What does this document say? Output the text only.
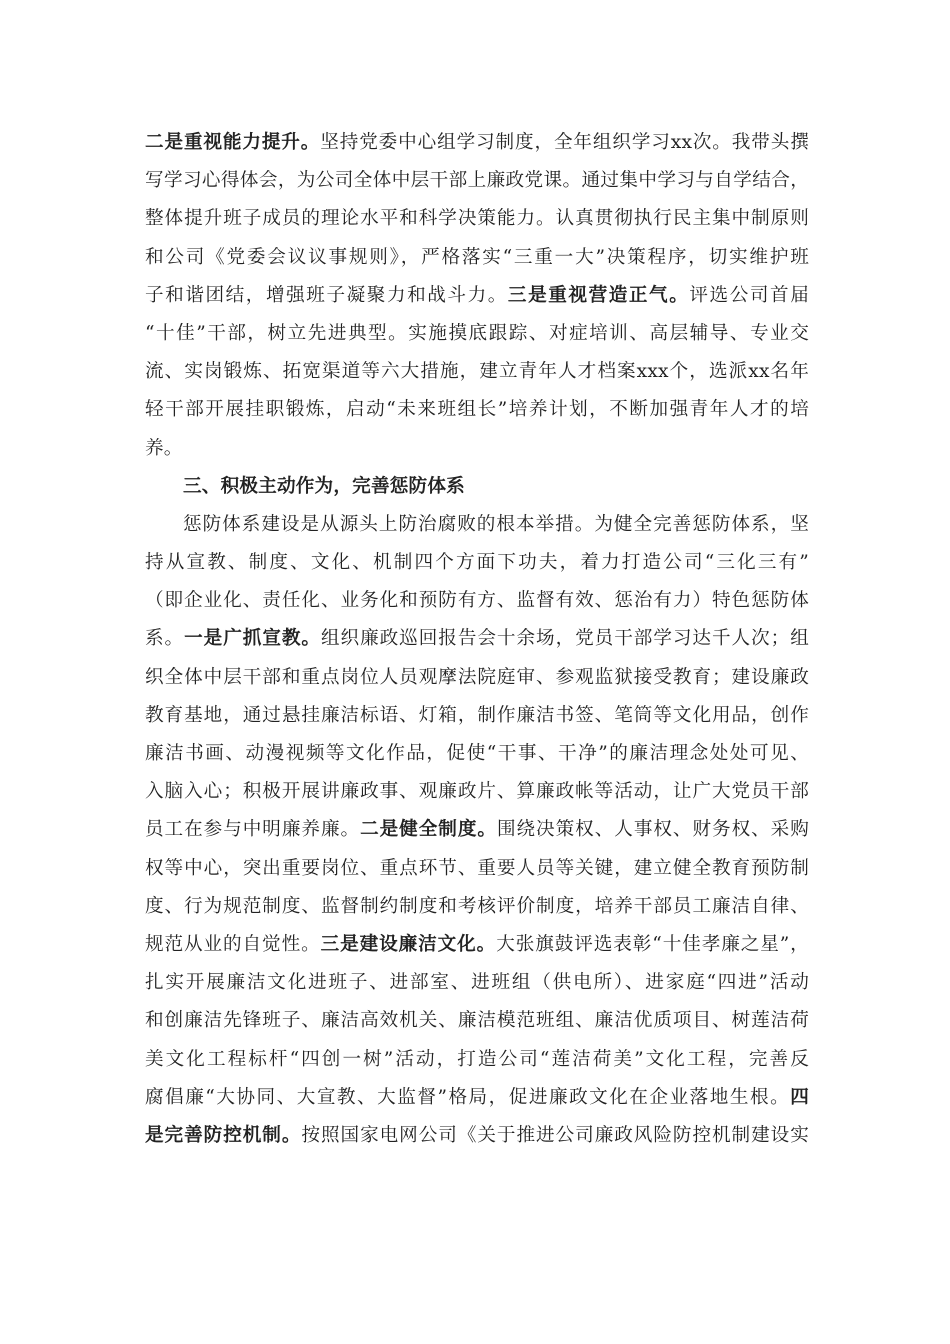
二是重视能力提升。坚持党委中心组学习制度，全年组织学习xx次。我带头撰
写学习心得体会，为公司全体中层干部上廉政党课。通过集中学习与自学结合，
整体提升班子成员的理论水平和科学决策能力。认真贯彻执行民主集中制原则
和公司《党委会议议事规则》，严格落实“三重一大”决策程序，切实维护班
子和谐团结，增强班子凝聚力和战斗力。三是重视营造正气。评选公司首届
“十佳”干部，树立先进典型。实施摸底跟踪、对症培训、高层辅导、专业交
流、实岗锻炼、拓宽渠道等六大措施，建立青年人才档案xxx个，选派xx名年
轻干部开展挂职锻炼，启动“未来班组长”培养计划，不断加强青年人才的培
养。
三、积极主动作为，完善惩防体系
惩防体系建设是从源头上防治腐败的根本举措。为健全完善惩防体系，坚
持从宣教、制度、文化、机制四个方面下功夫，着力打造公司“三化三有”
（即企业化、责任化、业务化和预防有方、监督有效、惩治有力）特色惩防体
系。一是广抓宣教。组织廉政巡回报告会十余场，党员干部学习达千人次；组
织全体中层干部和重点岗位人员观摩法院庭审、参观监狱接受教育；建设廉政
教育基地，通过悬挂廉洁标语、灯箱，制作廉洁书签、笔筒等文化用品，创作
廉洁书画、动漫视频等文化作品，促使“干事、干净”的廉洁理念处处可见、
入脑入心；积极开展讲廉政事、观廉政片、算廉政帐等活动，让广大党员干部
员工在参与中明廉养廉。二是健全制度。围绕决策权、人事权、财务权、采购
权等中心，突出重要岗位、重点环节、重要人员等关键，建立健全教育预防制
度、行为规范制度、监督制约制度和考核评价制度，培养干部员工廉洁自律、
规范从业的自觉性。三是建设廉洁文化。大张旗鼓评选表彰“十佳孝廉之星”，
扎实开展廉洁文化进班子、进部室、进班组（供电所）、进家庭“四进”活动
和创廉洁先锋班子、廉洁高效机关、廉洁模范班组、廉洁优质项目、树莲洁荷
美文化工程标杆“四创一树”活动，打造公司“莲洁荷美”文化工程，完善反
腐倡廉“大协同、大宣教、大监督”格局，促进廉政文化在企业落地生根。四
是完善防控机制。按照国家电网公司《关于推进公司廉政风险防控机制建设实
